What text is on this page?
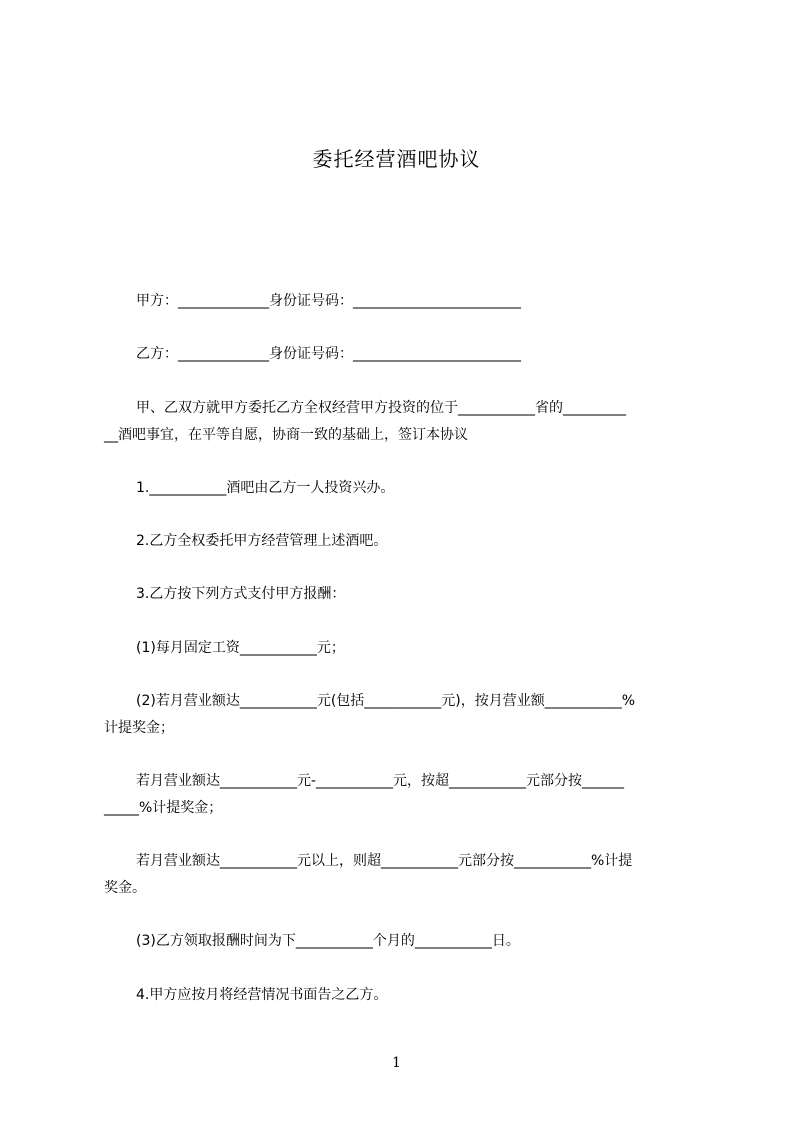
委托经营酒吧协议
甲方：_____________身份证号码：________________________
乙方：_____________身份证号码：________________________
甲、乙双方就甲方委托乙方全权经营甲方投资的位于___________省的_________
__酒吧事宜，在平等自愿，协商一致的基础上，签订本协议
1.___________酒吧由乙方一人投资兴办。
2.乙方全权委托甲方经营管理上述酒吧。
3.乙方按下列方式支付甲方报酬：
(1)每月固定工资___________元；
(2)若月营业额达___________元(包括___________元)，按月营业额___________%
计提奖金；
若月营业额达___________元-___________元，按超___________元部分按______
_____%计提奖金；
若月营业额达___________元以上，则超___________元部分按___________%计提
奖金。
(3)乙方领取报酬时间为下___________个月的___________日。
4.甲方应按月将经营情况书面告之乙方。
1
